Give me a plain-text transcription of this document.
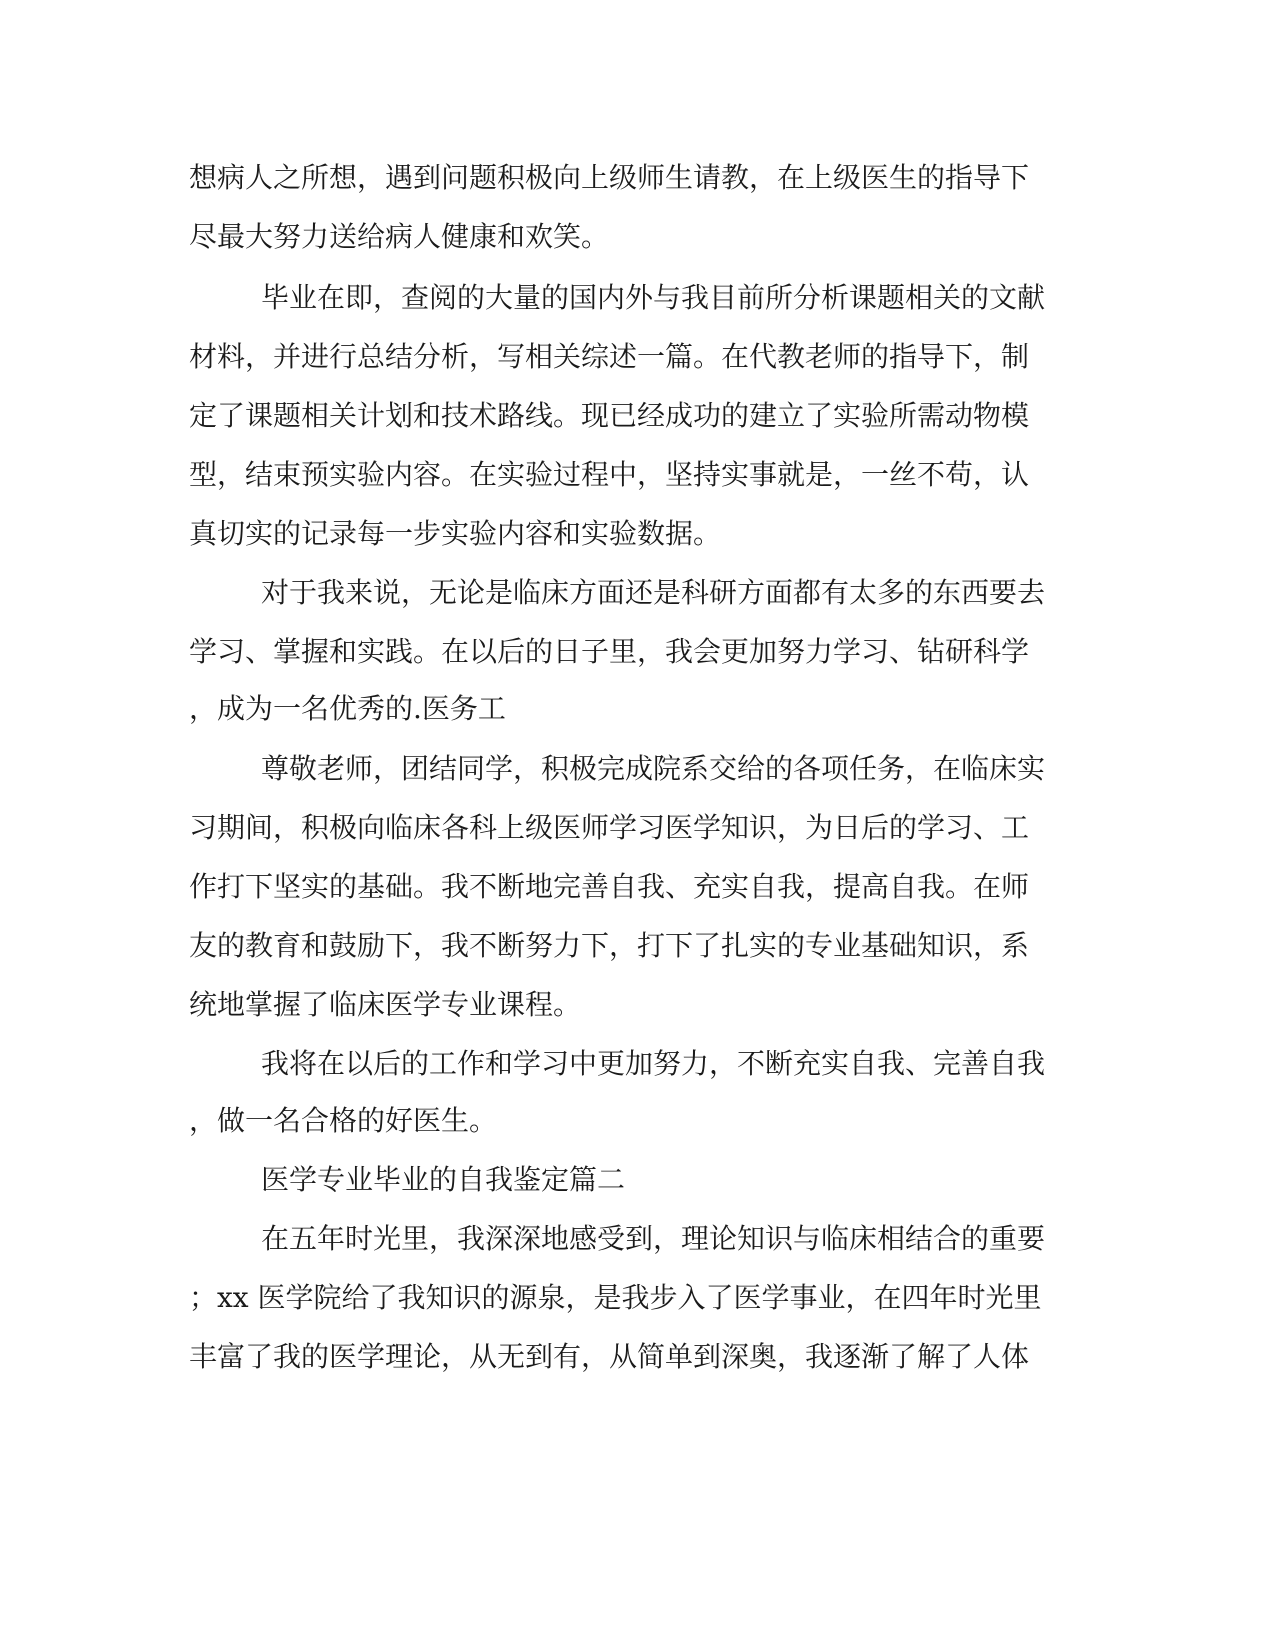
想病人之所想，遇到问题积极向上级师生请教，在上级医生的指导下
尽最大努力送给病人健康和欢笑。
毕业在即，查阅的大量的国内外与我目前所分析课题相关的文献
材料，并进行总结分析，写相关综述一篇。在代教老师的指导下，制
定了课题相关计划和技术路线。现已经成功的建立了实验所需动物模
型，结束预实验内容。在实验过程中，坚持实事就是，一丝不苟，认
真切实的记录每一步实验内容和实验数据。
对于我来说，无论是临床方面还是科研方面都有太多的东西要去
学习、掌握和实践。在以后的日子里，我会更加努力学习、钻研科学
，成为一名优秀的.医务工
尊敬老师，团结同学，积极完成院系交给的各项任务，在临床实
习期间，积极向临床各科上级医师学习医学知识，为日后的学习、工
作打下坚实的基础。我不断地完善自我、充实自我，提高自我。在师
友的教育和鼓励下，我不断努力下，打下了扎实的专业基础知识，系
统地掌握了临床医学专业课程。
我将在以后的工作和学习中更加努力，不断充实自我、完善自我
，做一名合格的好医生。
医学专业毕业的自我鉴定篇二
在五年时光里，我深深地感受到，理论知识与临床相结合的重要
；xx 医学院给了我知识的源泉，是我步入了医学事业，在四年时光里
丰富了我的医学理论，从无到有，从简单到深奥，我逐渐了解了人体
